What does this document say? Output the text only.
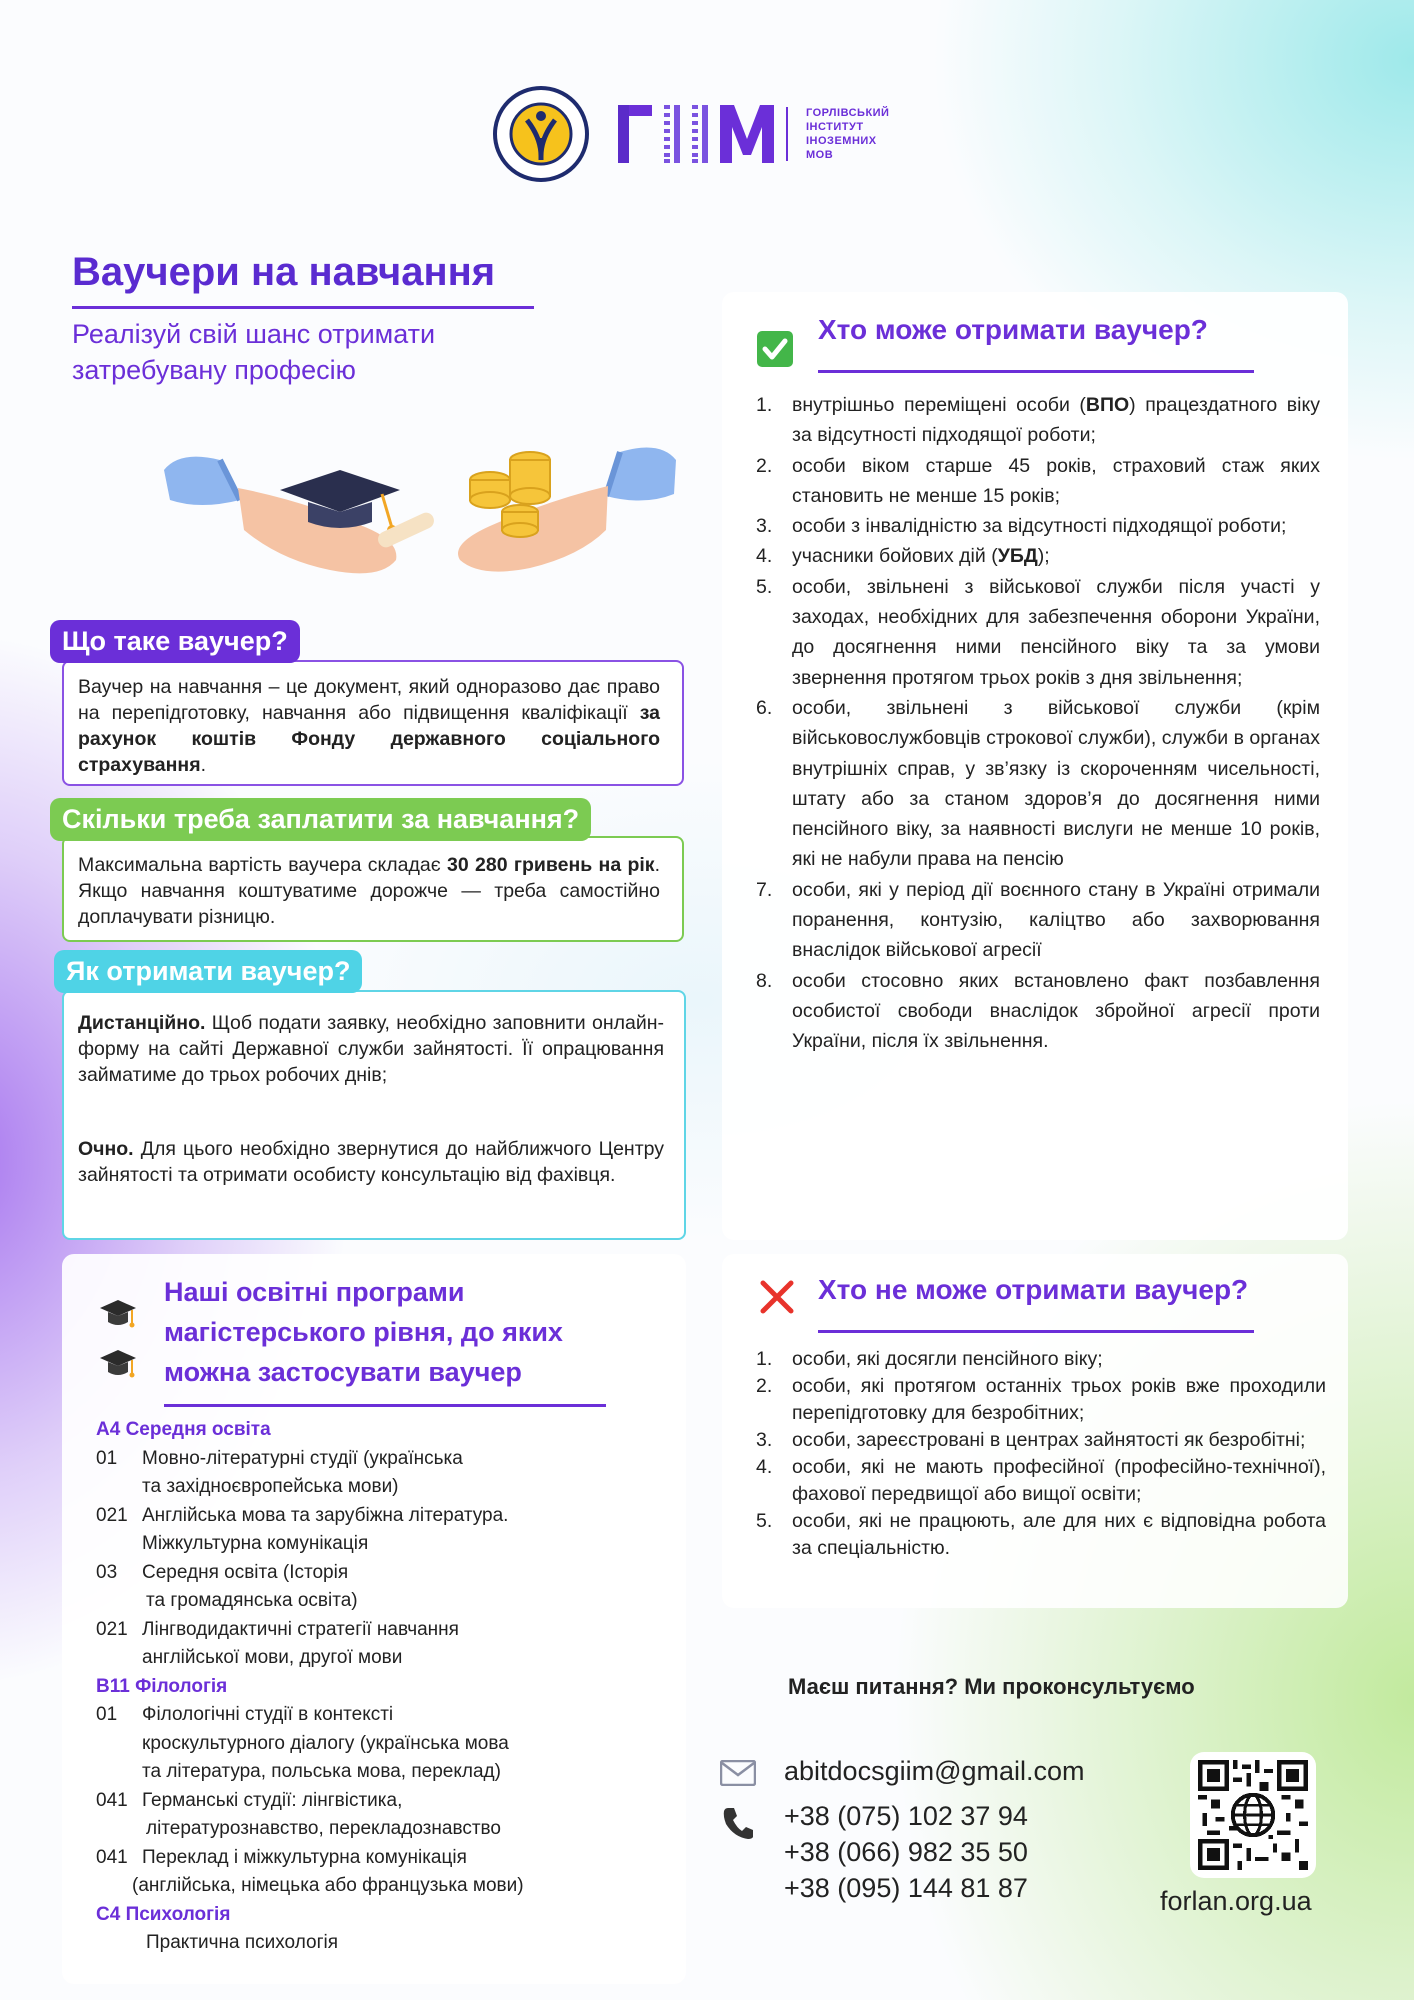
ГОРЛІВСЬКИЙ
ІНСТИТУТ
ІНОЗЕМНИХ
МОВ
Ваучери на навчання
Реалізуй свій шанс отримати
затребувану професію
Ваучер на навчання – це документ, який одноразово дає право на перепідготовку, навчання або підвищення кваліфікації за рахунок коштів Фонду державного соціального страхування.
Що таке ваучер?
Максимальна вартість ваучера складає 30 280 гривень на рік. Якщо навчання коштуватиме дорожче — треба самостійно доплачувати різницю.
Скільки треба заплатити за навчання?
Дистанційно. Щоб подати заявку, необхідно заповнити онлайн-форму на сайті Державної служби зайнятості. Її опрацювання займатиме до трьох робочих днів;
Очно. Для цього необхідно звернутися до найближчого Центру зайнятості та отримати особисту консультацію від фахівця.
Як отримати ваучер?
Наші освітні програми
магістерського рівня, до яких
можна застосувати ваучер
А4 Середня освіта
01 Мовно-літературні студії (українська
та західноєвропейська мови)
021 Англійська мова та зарубіжна література.
Міжкультурна комунікація
03 Середня освіта (Історія
та громадянська освіта)
021 Лінгводидактичні стратегії навчання
англійської мови, другої мови
В11 Філологія
01 Філологічні студії в контексті
кроскультурного діалогу (українська мова
та література, польська мова, переклад)
041 Германські студії: лінгвістика,
літературознавство, перекладознавство
041 Переклад і міжкультурна комунікація
(англійська, німецька або французька мови)
С4 Психологія
Практична психологія
Хто може отримати ваучер?
1.	внутрішньо переміщені особи (ВПО) працездатного віку за відсутності підходящої роботи;
2.	особи віком старше 45 років, страховий стаж яких становить не менше 15 років;
3.	особи з інвалідністю за відсутності підходящої роботи;
4.	учасники бойових дій (УБД);
5.	особи, звільнені з військової служби після участі у заходах, необхідних для забезпечення оборони України, до досягнення ними пенсійного віку та за умови звернення протягом трьох років з дня звільнення;
6.	особи, звільнені з військової служби (крім військовослужбовців строкової служби), служби в органах внутрішніх справ, у зв’язку із скороченням чисельності, штату або за станом здоров’я до досягнення ними пенсійного віку, за наявності вислуги не менше 10 років, які не набули права на пенсію
7.	особи, які у період дії воєнного стану в Україні отримали поранення, контузію, каліцтво або захворювання внаслідок військової агресії
8.	особи стосовно яких встановлено факт позбавлення особистої свободи внаслідок збройної агресії проти України, після їх звільнення.
Хто не може отримати ваучер?
1.	особи, які досягли пенсійного віку;
2.	особи, які протягом останніх трьох років вже проходили перепідготовку для безробітних;
3.	особи, зареєстровані в центрах зайнятості як безробітні;
4.	особи, які не мають професійної (професійно-технічної), фахової передвищої або вищої освіти;
5.	особи, які не працюють, але для них є відповідна робота за спеціальністю.
Маєш питання? Ми проконсультуємо
abitdocsgiim@gmail.com
+38 (075) 102 37 94
+38 (066) 982 35 50
+38 (095) 144 81 87	forlan.org.ua
